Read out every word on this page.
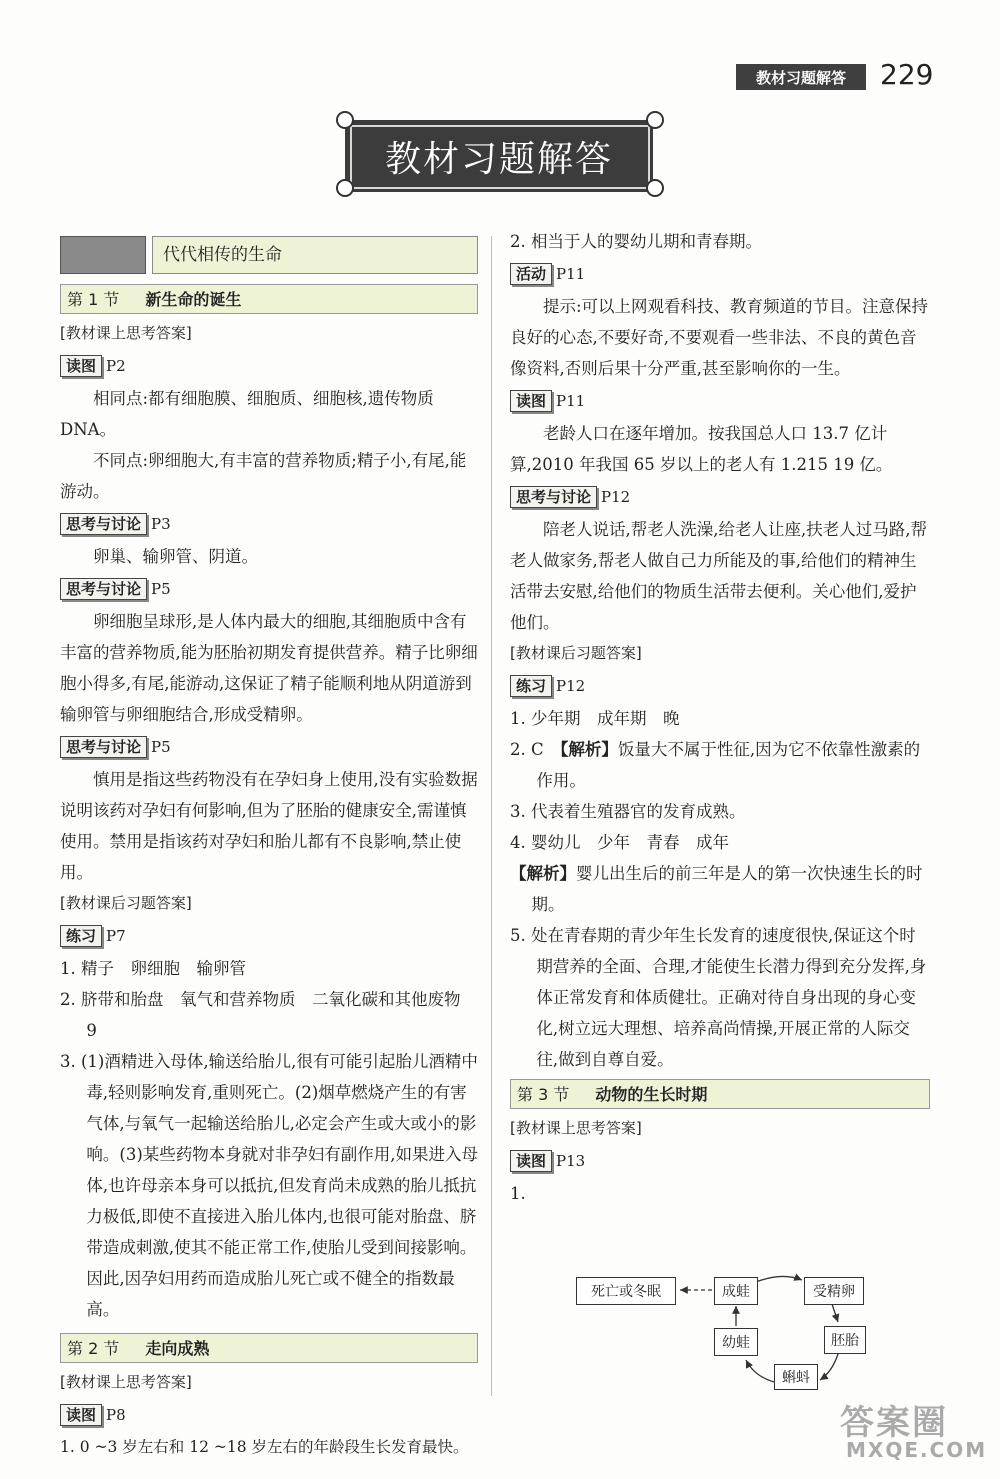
教材习题解答	229
教材习题解答
代代相传的生命
第 1 节	新生命的诞生

[教材课上思考答案]

读图 P2

相同点:都有细胞膜、细胞质、细胞核,遗传物质 DNA。

不同点:卵细胞大,有丰富的营养物质;精子小,有尾,能游动。

思考与讨论 P3

卵巢、输卵管、阴道。

思考与讨论 P5

卵细胞呈球形,是人体内最大的细胞,其细胞质中含有丰富的营养物质,能为胚胎初期发育提供营养。精子比卵细胞小得多,有尾,能游动,这保证了精子能顺利地从阴道游到输卵管与卵细胞结合,形成受精卵。

思考与讨论 P5

慎用是指这些药物没有在孕妇身上使用,没有实验数据说明该药对孕妇有何影响,但为了胚胎的健康安全,需谨慎使用。禁用是指该药对孕妇和胎儿都有不良影响,禁止使用。

[教材课后习题答案]

练习 P7

1. 精子　卵细胞　输卵管

2. 脐带和胎盘　氧气和营养物质　二氧化碳和其他废物　9

3. (1)酒精进入母体,输送给胎儿,很有可能引起胎儿酒精中毒,轻则影响发育,重则死亡。(2)烟草燃烧产生的有害气体,与氧气一起输送给胎儿,必定会产生或大或小的影响。(3)某些药物本身就对非孕妇有副作用,如果进入母体,也许母亲本身可以抵抗,但发育尚未成熟的胎儿抵抗力极低,即使不直接进入胎儿体内,也很可能对胎盘、脐带造成刺激,使其不能正常工作,使胎儿受到间接影响。因此,因孕妇用药而造成胎儿死亡或不健全的指数最高。

第 2 节	走向成熟

[教材课上思考答案]

读图 P8

1. 0 ~3 岁左右和 12 ~18 岁左右的年龄段生长发育最快。

2. 相当于人的婴幼儿期和青春期。

活动 P11

提示:可以上网观看科技、教育频道的节目。注意保持良好的心态,不要好奇,不要观看一些非法、不良的黄色音像资料,否则后果十分严重,甚至影响你的一生。

读图 P11

老龄人口在逐年增加。按我国总人口 13.7 亿计算,2010 年我国 65 岁以上的老人有 1.215 19 亿。

思考与讨论 P12

陪老人说话,帮老人洗澡,给老人让座,扶老人过马路,帮老人做家务,帮老人做自己力所能及的事,给他们的精神生活带去安慰,给他们的物质生活带去便利。关心他们,爱护他们。

[教材课后习题答案]

练习 P12

1. 少年期　成年期　晚

2. C　 【解析】饭量大不属于性征,因为它不依靠性激素的作用。

3. 代表着生殖器官的发育成熟。

4. 婴幼儿　少年　青春　成年

【解析】婴儿出生后的前三年是人的第一次快速生长的时期。

5. 处在青春期的青少年生长发育的速度很快,保证这个时期营养的全面、合理,才能使生长潜力得到充分发挥,身体正常发育和体质健壮。正确对待自身出现的身心变化,树立远大理想、培养高尚情操,开展正常的人际交往,做到自尊自爱。

第 3 节	动物的生长时期

[教材课上思考答案]

读图 P13

1.

死亡或冬眠	成蛙	受精卵
幼蛙	胚胎
蝌蚪
答案圈
MXQE.COM
